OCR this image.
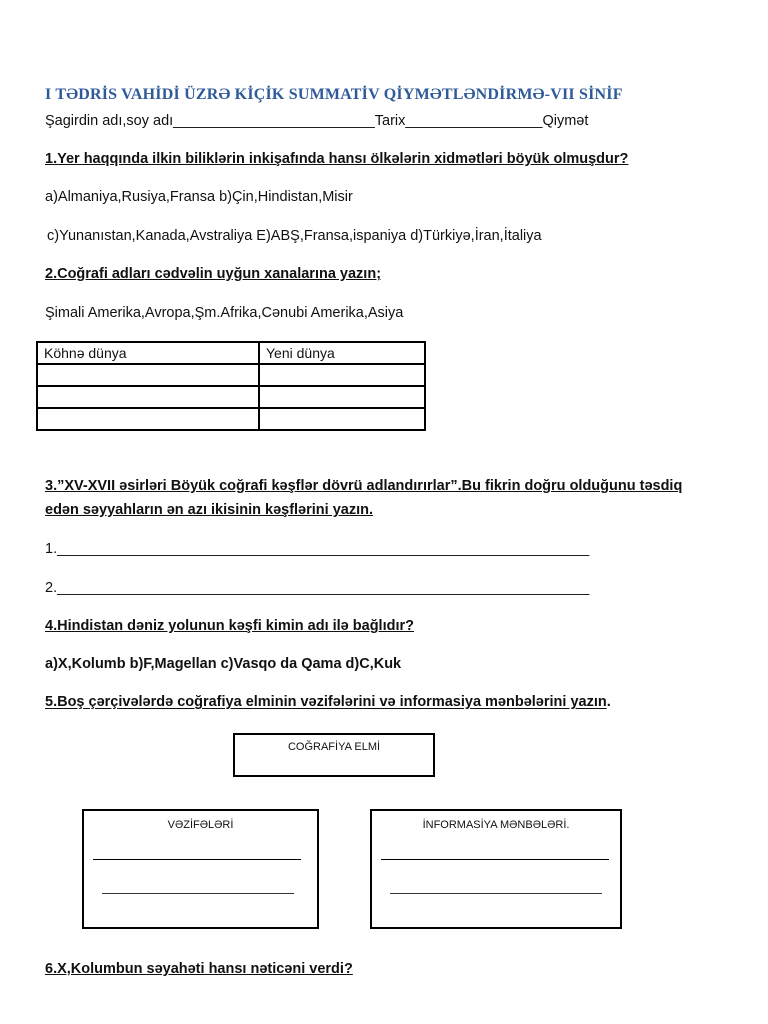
I TƏDRİS VAHİDİ ÜZRƏ KİÇİK SUMMATİV QİYMƏTLƏNDİRMƏ-VII SİNİF
Şagirdin adı,soy adı_________________________Tarix_________________Qiymət
1.Yer haqqında ilkin biliklərin inkişafında hansı ölkələrin xidmətləri böyük olmuşdur?
a)Almaniya,Rusiya,Fransa b)Çin,Hindistan,Misir
c)Yunanıstan,Kanada,Avstraliya E)ABŞ,Fransa,ispaniya d)Türkiyə,İran,İtaliya
2.Coğrafi adları cədvəlin uyğun xanalarına yazın;
Şimali Amerika,Avropa,Şm.Afrika,Cənubi Amerika,Asiya
Köhnə dünya	Yeni dünya

3.”XV-XVII əsirləri Böyük coğrafi kəşflər dövrü adlandırırlar”.Bu fikrin doğru olduğunu təsdiq
edən səyyahların ən azı ikisinin kəşflərini yazın.
1.__________________________________________________________________
2.__________________________________________________________________
4.Hindistan dəniz yolunun kəşfi kimin adı ilə bağlıdır?
a)X,Kolumb b)F,Magellan c)Vasqo da Qama d)C,Kuk
5.Boş çərçivələrdə coğrafiya elminin vəzifələrini və informasiya mənbələrini yazın.
COĞRAFİYA ELMİ
VƏZİFƏLƏRİ	İNFORMASİYA MƏNBƏLƏRİ.
6.X,Kolumbun səyahəti hansı nəticəni verdi?
